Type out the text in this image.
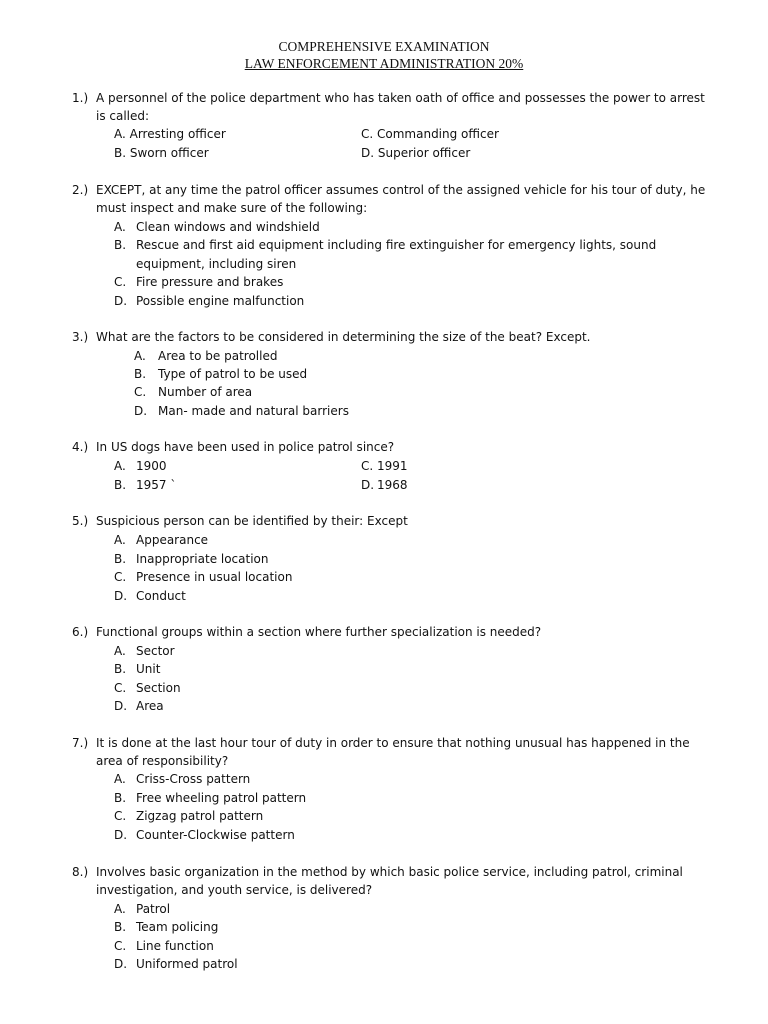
COMPREHENSIVE EXAMINATION
LAW ENFORCEMENT ADMINISTRATION 20%
1.) A personnel of the police department who has taken oath of office and possesses the power to arrest
is called:
A. Arresting officer	C. Commanding officer
B. Sworn officer	D. Superior officer
2.) EXCEPT, at any time the patrol officer assumes control of the assigned vehicle for his tour of duty, he
must inspect and make sure of the following:
A. Clean windows and windshield
B. Rescue and first aid equipment including fire extinguisher for emergency lights, sound
equipment, including siren
C. Fire pressure and brakes
D. Possible engine malfunction
3.) What are the factors to be considered in determining the size of the beat? Except.
A. Area to be patrolled
B. Type of patrol to be used
C. Number of area
D. Man- made and natural barriers
4.) In US dogs have been used in police patrol since?
A. 1900	C. 1991
B. 1957 `	D. 1968
5.) Suspicious person can be identified by their: Except
A. Appearance
B. Inappropriate location
C. Presence in usual location
D. Conduct
6.) Functional groups within a section where further specialization is needed?
A. Sector
B. Unit
C. Section
D. Area
7.) It is done at the last hour tour of duty in order to ensure that nothing unusual has happened in the
area of responsibility?
A. Criss-Cross pattern
B. Free wheeling patrol pattern
C. Zigzag patrol pattern
D. Counter-Clockwise pattern
8.) Involves basic organization in the method by which basic police service, including patrol, criminal
investigation, and youth service, is delivered?
A. Patrol
B. Team policing
C. Line function
D. Uniformed patrol
